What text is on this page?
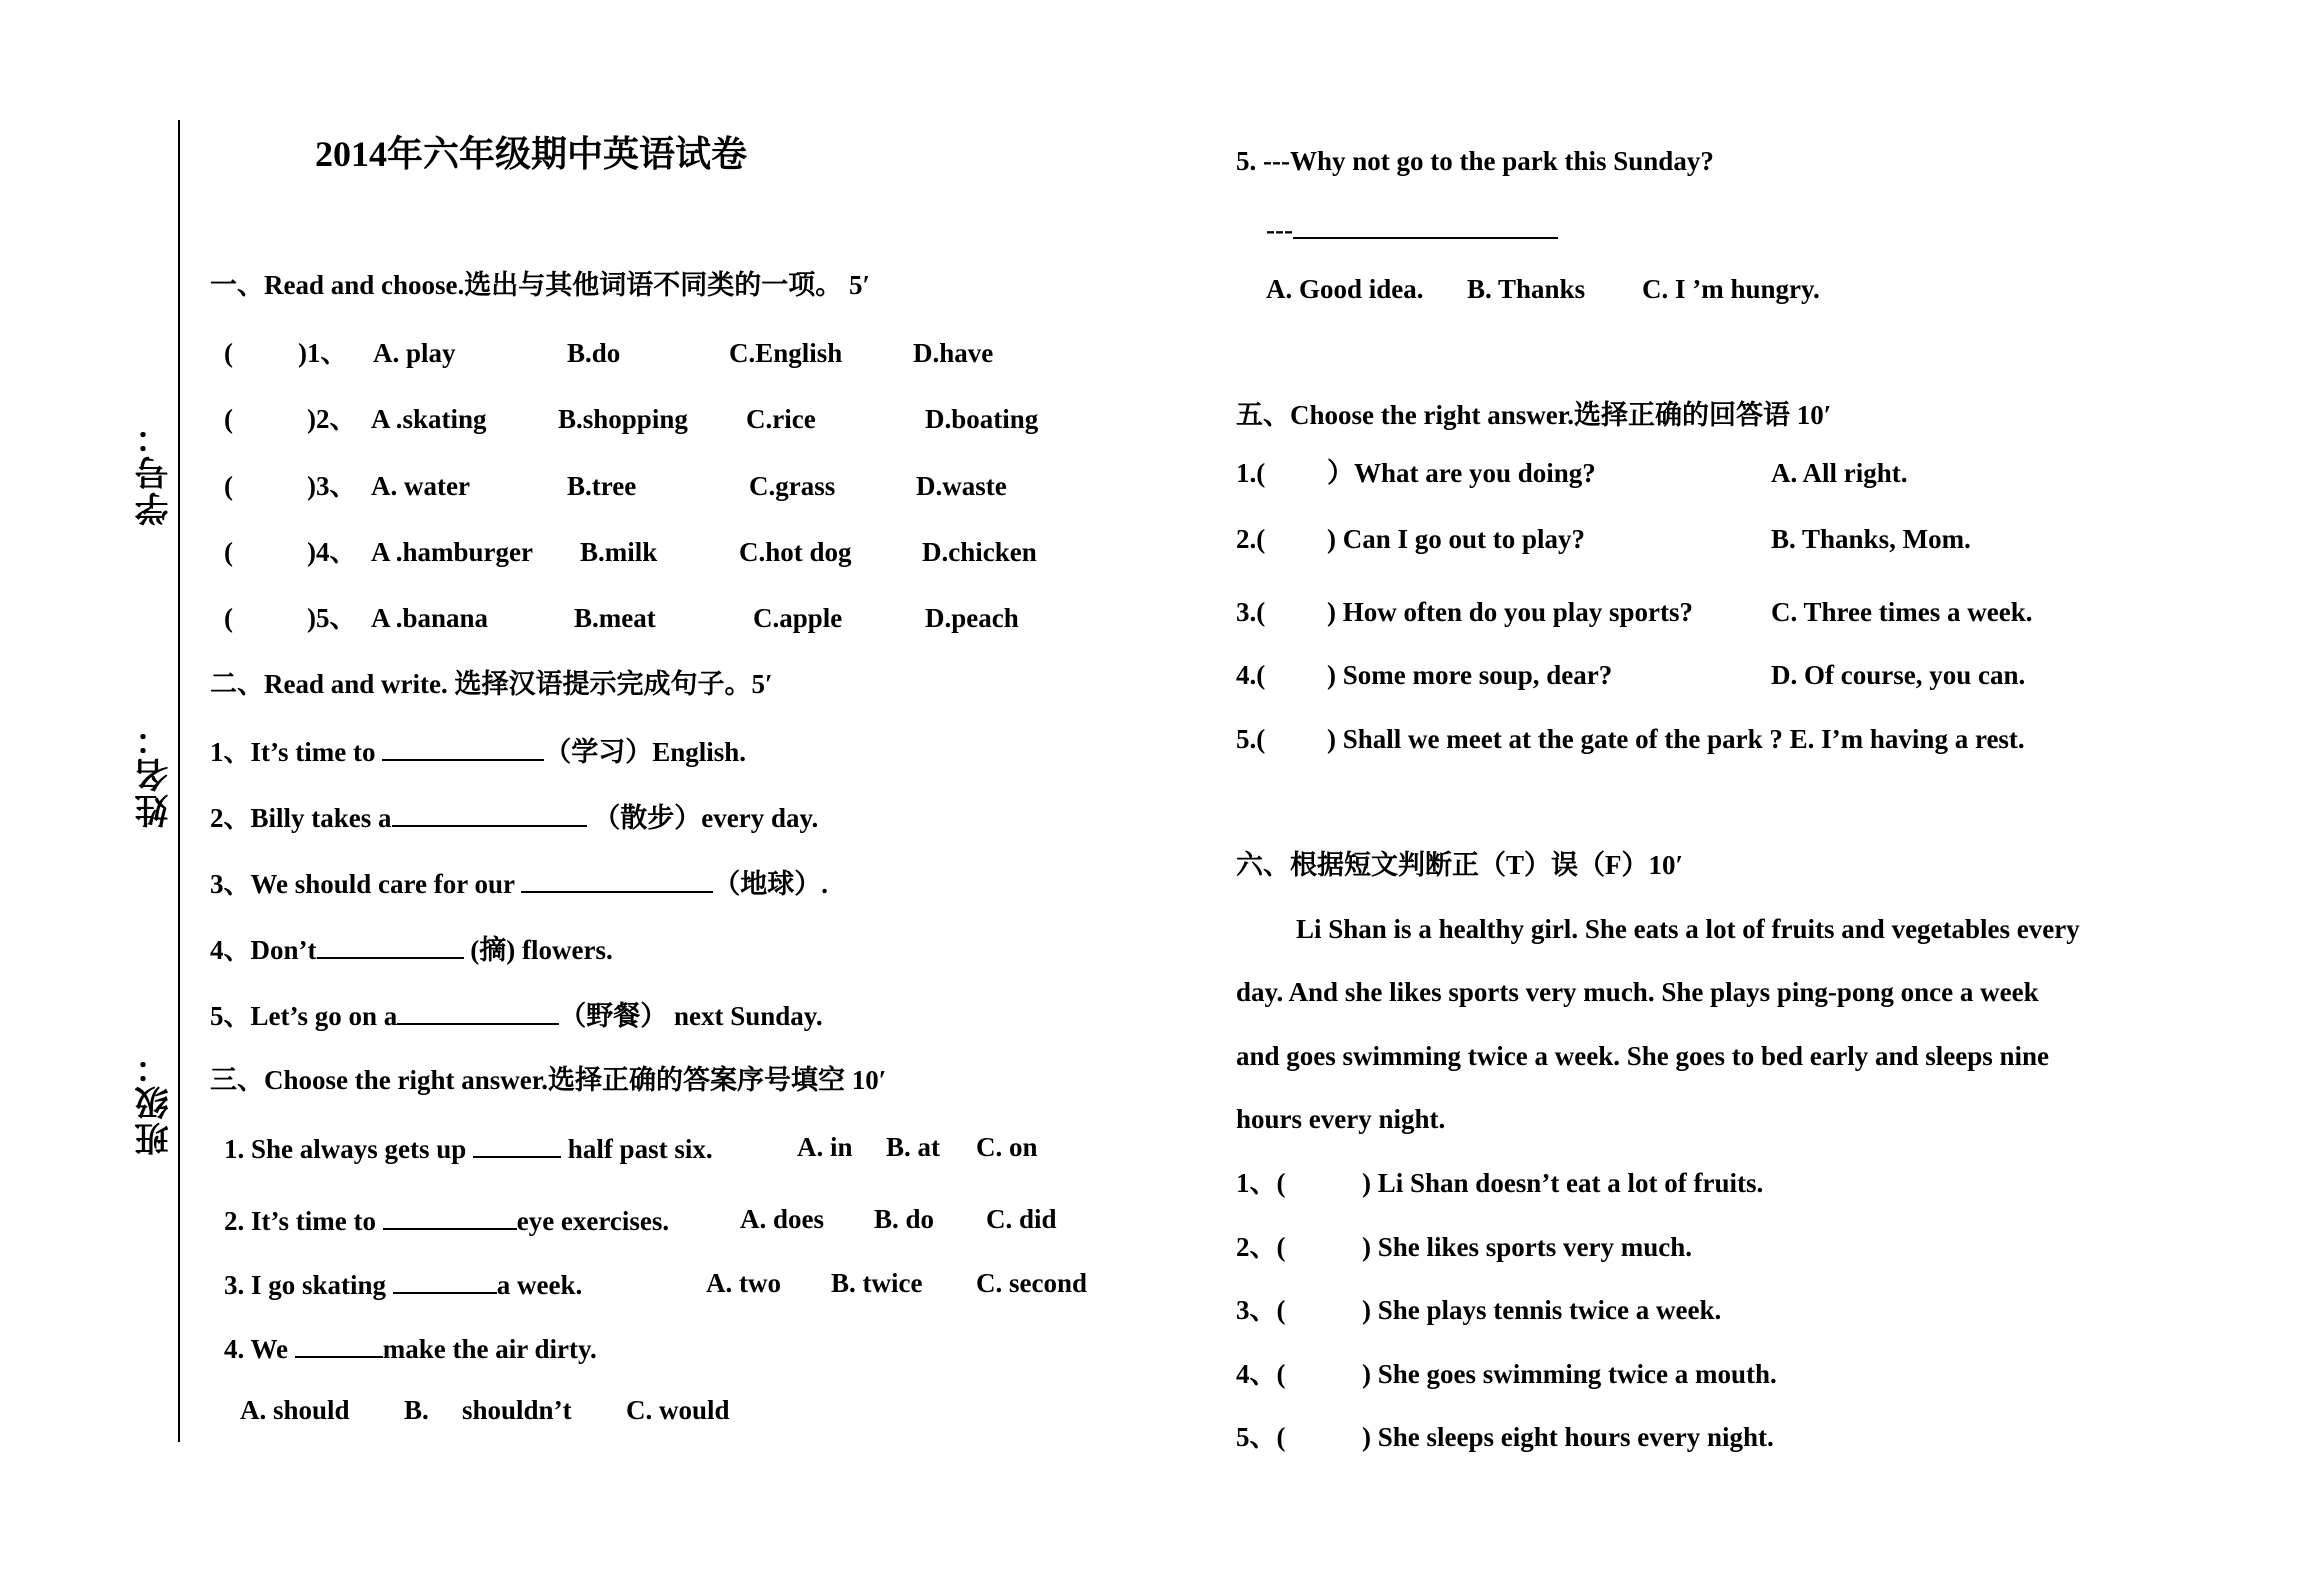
学号：
姓名：
班级：
2014年六年级期中英语试卷
一、Read and choose.选出与其他词语不同类的一项。 5′
( )1、 A. play	B.do	C.English	D.have
(	)2、 A .skating	B.shopping C.rice	D.boating
(	)3、 A. water	B.tree	C.grass	D.waste
(	)4、 A .hamburger B.milk	C.hot dog	D.chicken
(	)5、 A .banana	B.meat	C.apple	D.peach
二、Read and write. 选择汉语提示完成句子。5′
1、It’s time to	（学习）English.
2、Billy takes a	（散步）every day.
3、We should care for our	（地球）.
4、Don’t	(摘) flowers.
5、Let’s go on a	（野餐） next Sunday.
三、Choose the right answer.选择正确的答案序号填空 10′
1. She always gets up	half past six.	A. in B. at C. on
2. It’s time to	eye exercises.	A. does B. do C. did
3. I go skating	a week.	A. two B. twice C. second
4. We	make the air dirty.
A. should B. shouldn’t C. would
5. ---Why not go to the park this Sunday?
---
A. Good idea. B. Thanks C. I ’m hungry.
五、Choose the right answer.选择正确的回答语 10′
1.( ）What are you doing?	A. All right.
2.( ) Can I go out to play?	B. Thanks, Mom.
3.( ) How often do you play sports?	C. Three times a week.
4.( ) Some more soup, dear?	D. Of course, you can.
5.( ) Shall we meet at the gate of the park ? E. I’m having a rest.
六、根据短文判断正（T）误（F）10′
Li Shan is a healthy girl. She eats a lot of fruits and vegetables every
day. And she likes sports very much. She plays ping-pong once a week
and goes swimming twice a week. She goes to bed early and sleeps nine
hours every night.
1、(	) Li Shan doesn’t eat a lot of fruits.
2、(	) She likes sports very much.
3、(	) She plays tennis twice a week.
4、(	) She goes swimming twice a mouth.
5、(	) She sleeps eight hours every night.
